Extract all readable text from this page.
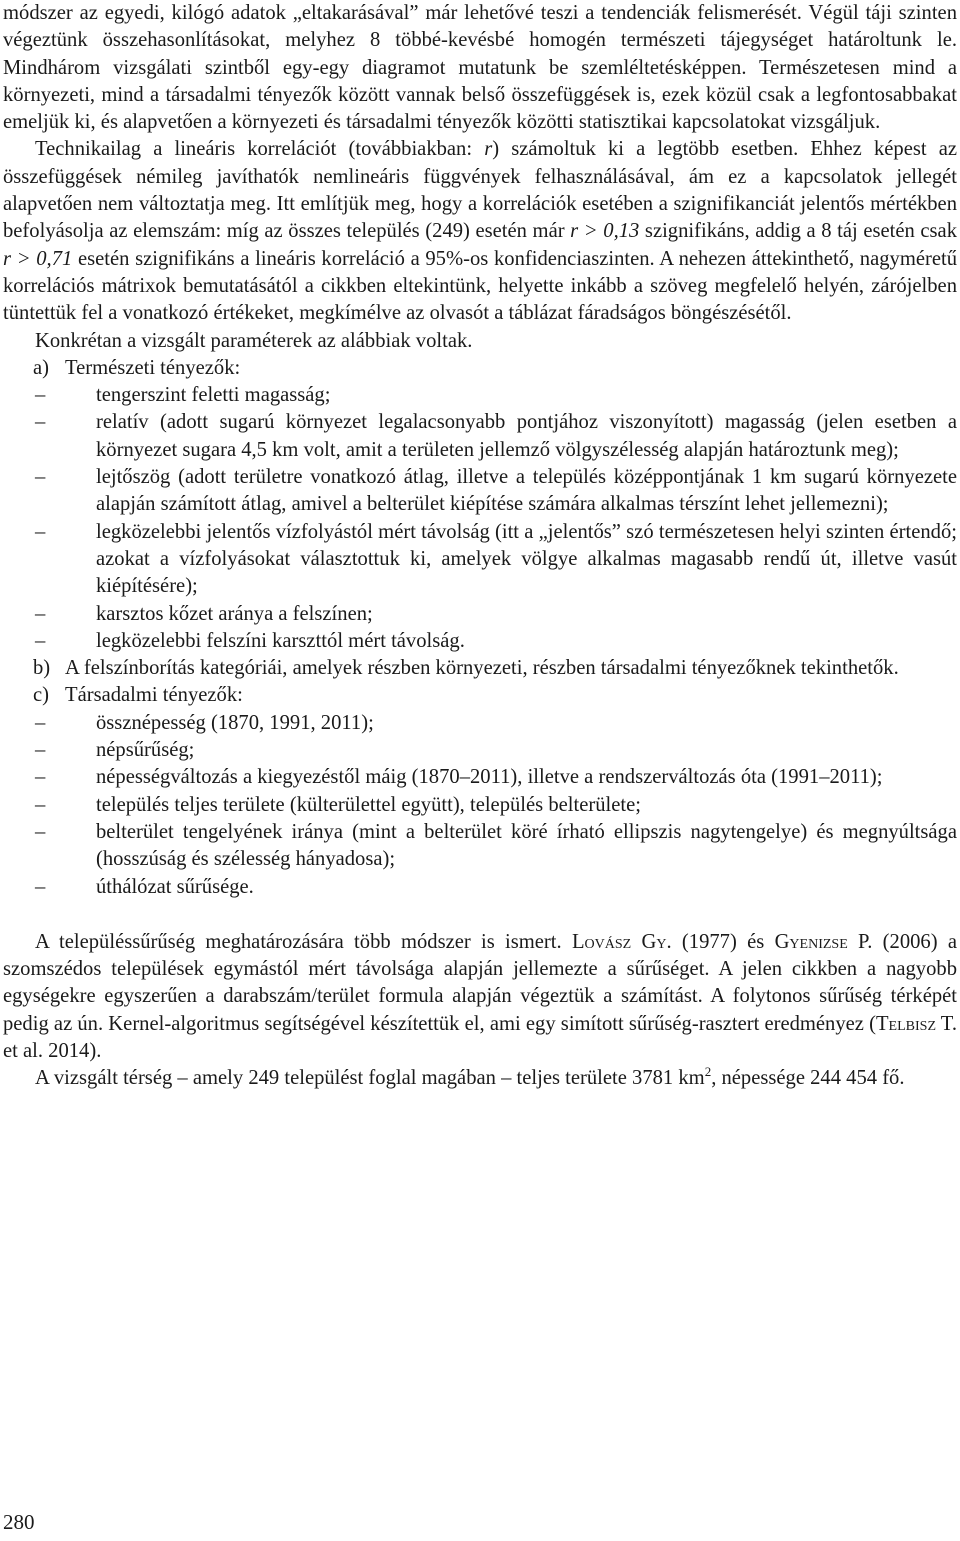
módszer az egyedi, kilógó adatok „eltakarásával” már lehetővé teszi a tendenciák felismerését. Végül táji szinten végeztünk összehasonlításokat, melyhez 8 többé-kevésbé homogén természeti tájegységet határoltunk le. Mindhárom vizsgálati szintből egy-egy diagramot mutatunk be szemléltetésképpen. Természetesen mind a környezeti, mind a társadalmi tényezők között vannak belső összefüggések is, ezek közül csak a legfontosabbakat emeljük ki, és alapvetően a környezeti és társadalmi tényezők közötti statisztikai kapcsolatokat vizsgáljuk.

Technikailag a lineáris korrelációt (továbbiakban: r) számoltuk ki a legtöbb esetben. Ehhez képest az összefüggések némileg javíthatók nemlineáris függvények felhasználásával, ám ez a kapcsolatok jellegét alapvetően nem változtatja meg. Itt említjük meg, hogy a korrelációk esetében a szignifikanciát jelentős mértékben befolyásolja az elemszám: míg az összes település (249) esetén már r > 0,13 szignifikáns, addig a 8 táj esetén csak r > 0,71 esetén szignifikáns a lineáris korreláció a 95%-os konfidenciaszinten. A nehezen áttekinthető, nagyméretű korrelációs mátrixok bemutatásától a cikkben eltekintünk, helyette inkább a szöveg megfelelő helyén, zárójelben tüntettük fel a vonatkozó értékeket, megkímélve az olvasót a táblázat fáradságos böngészésétől.

Konkrétan a vizsgált paraméterek az alábbiak voltak.

a) Természeti tényezők:
–	tengerszint feletti magasság;
–	relatív (adott sugarú környezet legalacsonyabb pontjához viszonyított) magasság (jelen esetben a környezet sugara 4,5 km volt, amit a területen jellemző völgyszélesség alapján határoztunk meg);
–	lejtőszög (adott területre vonatkozó átlag, illetve a település középpontjának 1 km sugarú környezete alapján számított átlag, amivel a belterület kiépítése számára alkalmas térszínt lehet jellemezni);
–	legközelebbi jelentős vízfolyástól mért távolság (itt a „jelentős” szó természetesen helyi szinten értendő; azokat a vízfolyásokat választottuk ki, amelyek völgye alkalmas magasabb rendű út, illetve vasút kiépítésére);
–	karsztos kőzet aránya a felszínen;
–	legközelebbi felszíni karszttól mért távolság.
b) A felszínborítás kategóriái, amelyek részben környezeti, részben társadalmi tényezőknek tekinthetők.
c) Társadalmi tényezők:
–	össznépesség (1870, 1991, 2011);
–	népsűrűség;
–	népességváltozás a kiegyezéstől máig (1870–2011), illetve a rendszerváltozás óta (1991–2011);
–	település teljes területe (külterülettel együtt), település belterülete;
–	belterület tengelyének iránya (mint a belterület köré írható ellipszis nagytengelye) és megnyúltsága (hosszúság és szélesség hányadosa);
–	úthálózat sűrűsége.

A településsűrűség meghatározására több módszer is ismert. Lovász Gy. (1977) és Gyenizse P. (2006) a szomszédos települések egymástól mért távolsága alapján jellemezte a sűrűséget. A jelen cikkben a nagyobb egységekre egyszerűen a darabszám/terület formula alapján végeztük a számítást. A folytonos sűrűség térképét pedig az ún. Kernel-algoritmus segítségével készítettük el, ami egy simított sűrűség-rasztert eredményez (Telbisz T. et al. 2014).

A vizsgált térség – amely 249 települést foglal magában – teljes területe 3781 $km^2$, népessége 244 454 fő.

280
